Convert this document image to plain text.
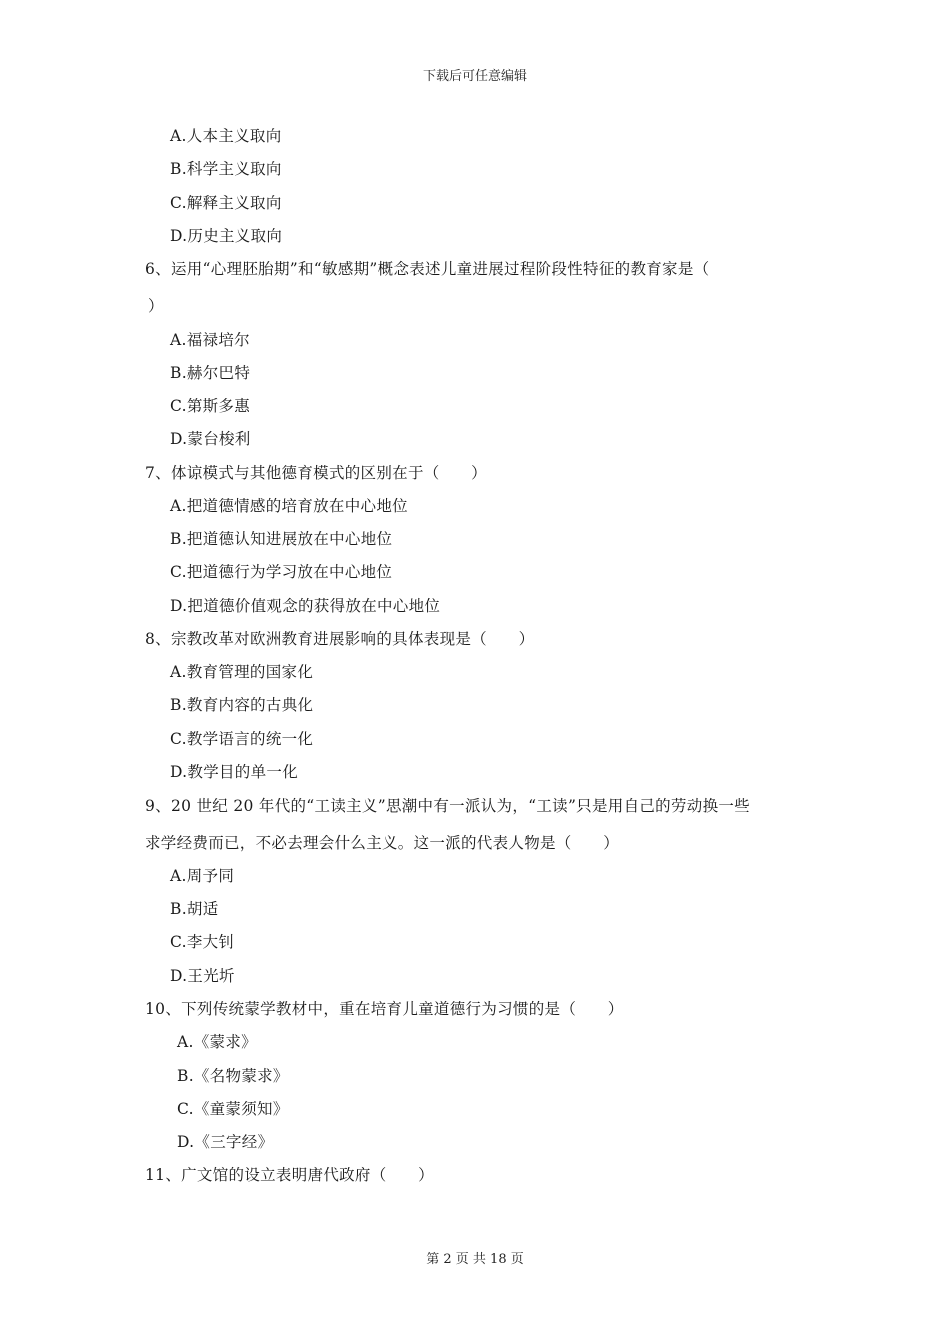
下载后可任意编辑
A.人本主义取向
B.科学主义取向
C.解释主义取向
D.历史主义取向
6、运用“心理胚胎期”和“敏感期”概念表述儿童进展过程阶段性特征的教育家是（
）
A.福禄培尔
B.赫尔巴特
C.第斯多惠
D.蒙台梭利
7、体谅模式与其他德育模式的区别在于（　　）
A.把道德情感的培育放在中心地位
B.把道德认知进展放在中心地位
C.把道德行为学习放在中心地位
D.把道德价值观念的获得放在中心地位
8、宗教改革对欧洲教育进展影响的具体表现是（　　）
A.教育管理的国家化
B.教育内容的古典化
C.教学语言的统一化
D.教学目的单一化
9、20 世纪 20 年代的“工读主义”思潮中有一派认为，“工读”只是用自己的劳动换一些
求学经费而已，不必去理会什么主义。这一派的代表人物是（　　）
A.周予同
B.胡适
C.李大钊
D.王光圻
10、下列传统蒙学教材中，重在培育儿童道德行为习惯的是（　　）
A.《蒙求》
B.《名物蒙求》
C.《童蒙须知》
D.《三字经》
11、广文馆的设立表明唐代政府（　　）
第 2 页 共 18 页
